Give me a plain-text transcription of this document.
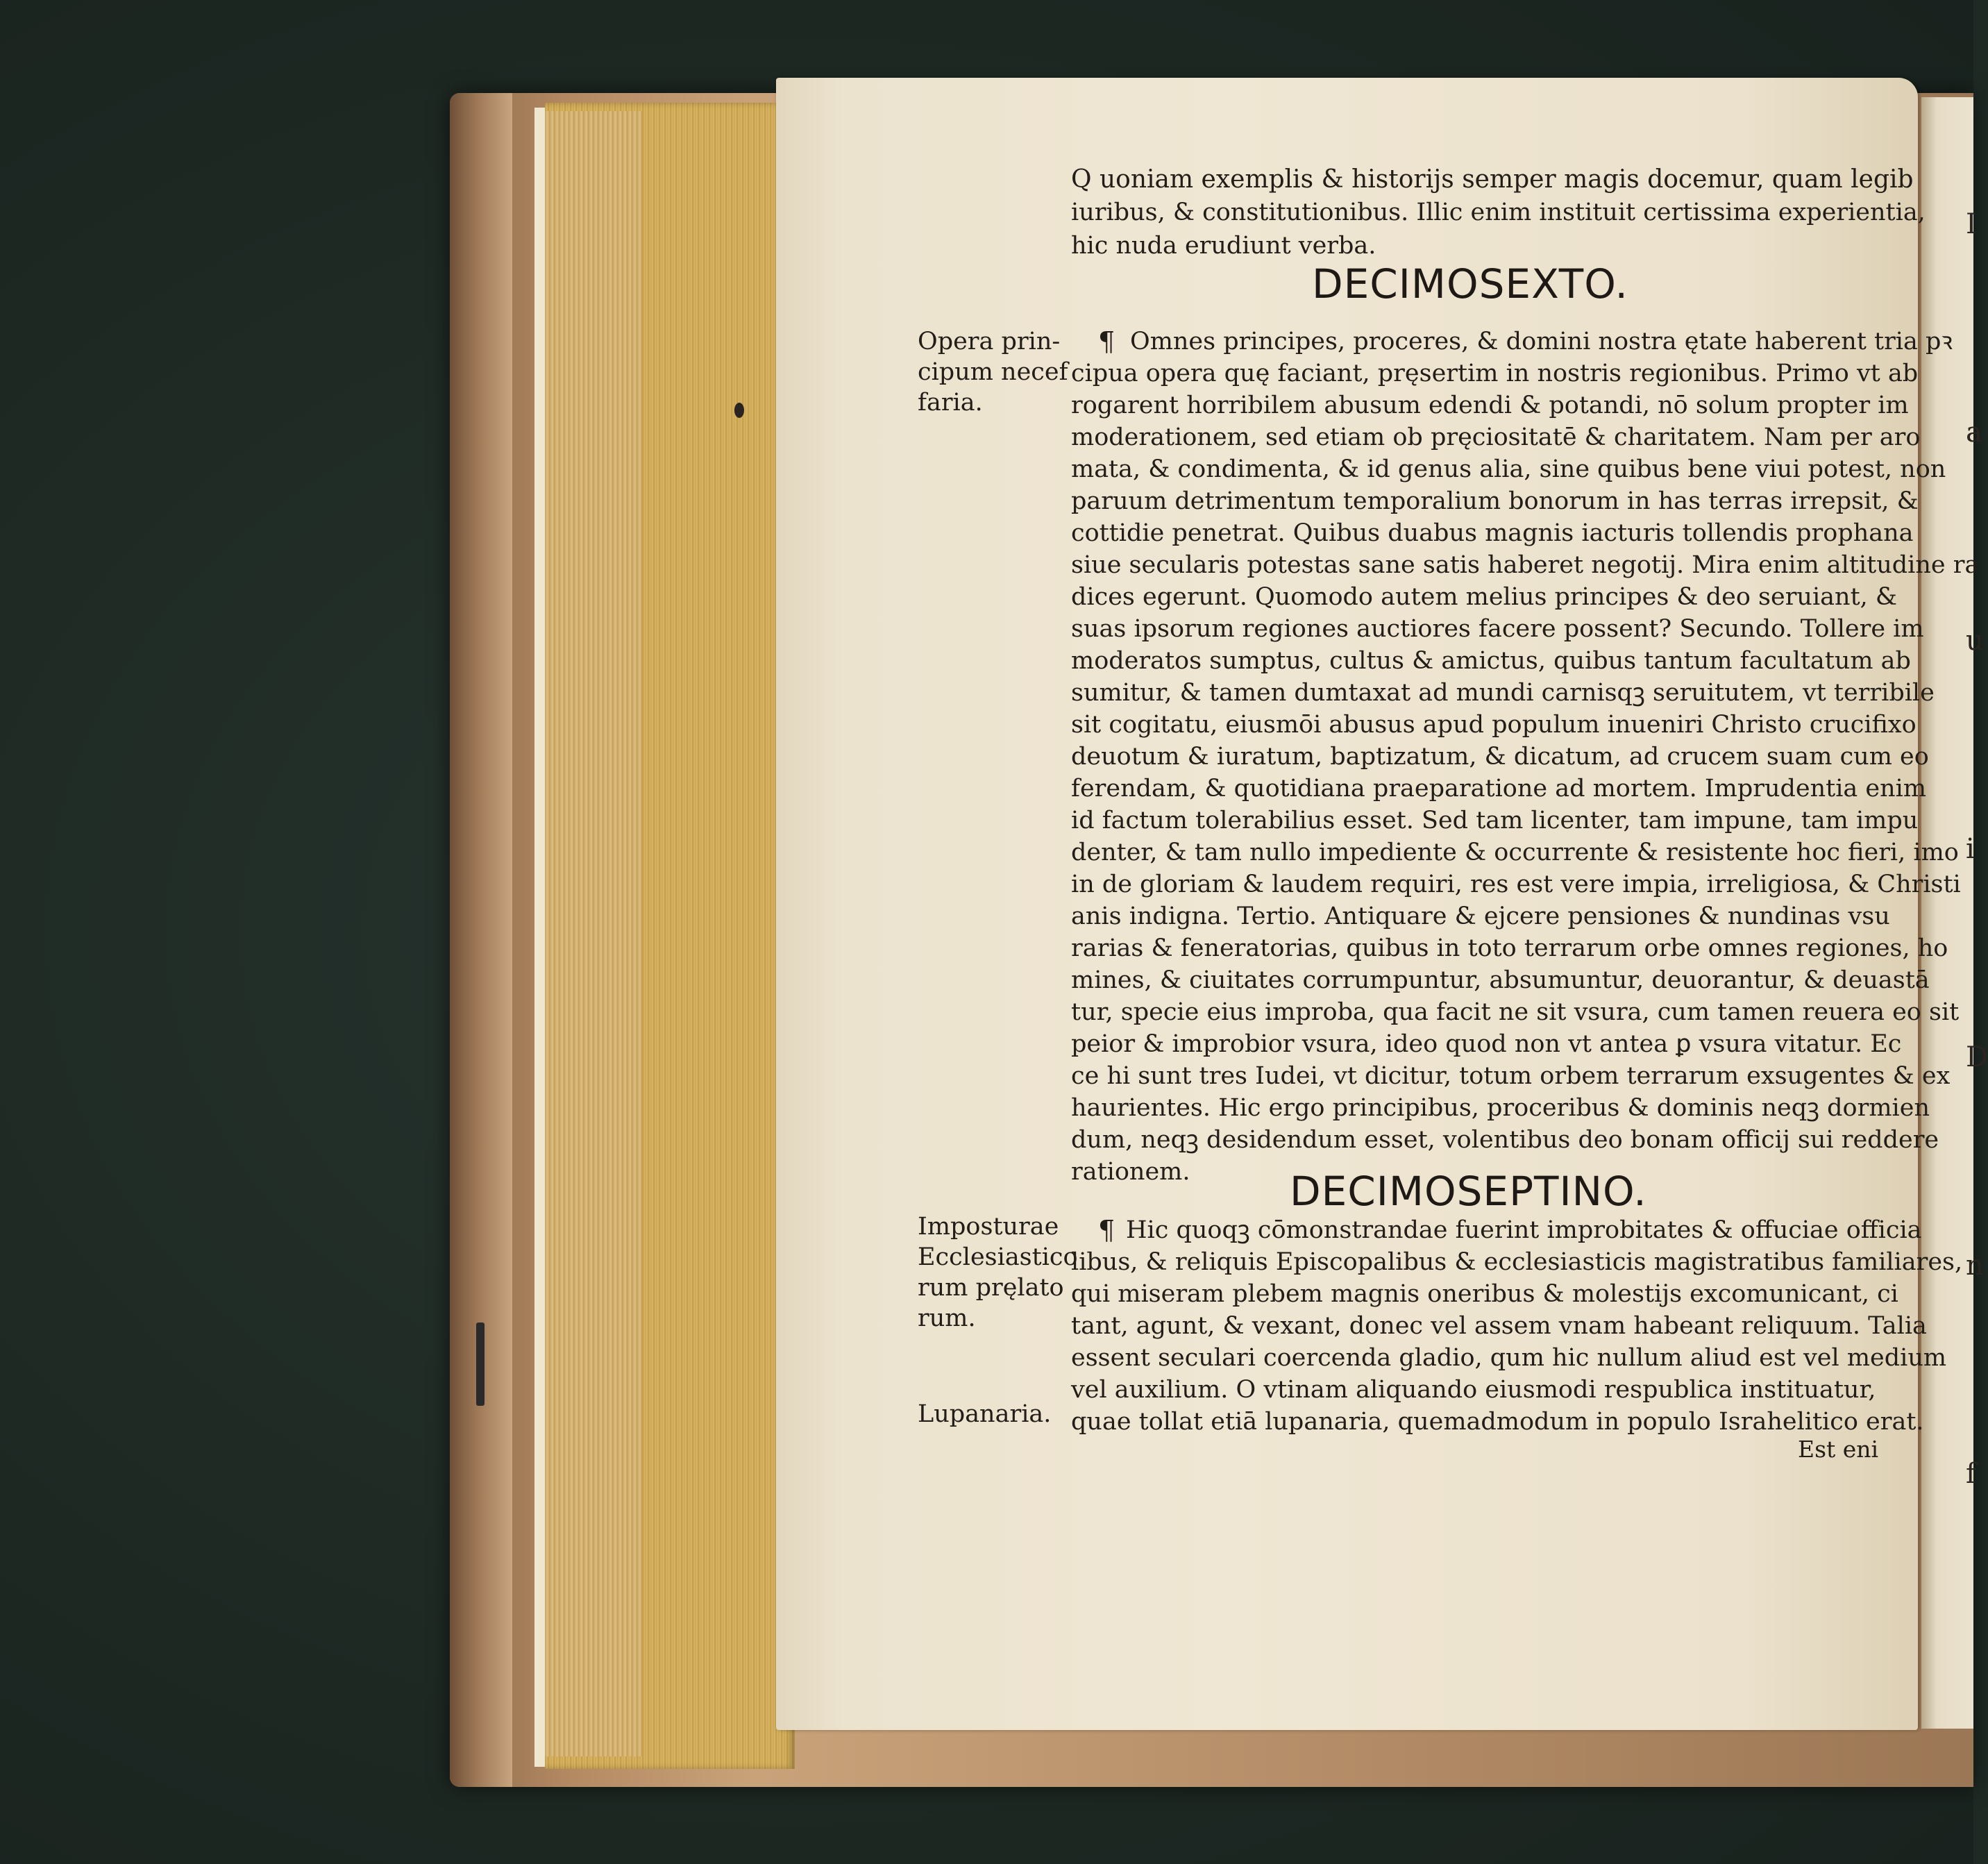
Q uoniam exemplis & historijs semper magis docemur, quam legib
iuribus, & constitutionibus. Illic enim instituit certissima experientia,
hic nuda erudiunt verba.
DECIMOSEXTO.
Opera prin-
cipum necef
faria.
¶ Omnes principes, proceres, & domini nostra ętate haberent tria pꝛ
cipua opera quę faciant, pręsertim in nostris regionibus. Primo vt ab
rogarent horribilem abusum edendi & potandi, nō solum propter im
moderationem, sed etiam ob pręciositatē & charitatem. Nam per aro
mata, & condimenta, & id genus alia, sine quibus bene viui potest, non
paruum detrimentum temporalium bonorum in has terras irrepsit, &
cottidie penetrat. Quibus duabus magnis iacturis tollendis prophana
siue secularis potestas sane satis haberet negotij. Mira enim altitudine ra
dices egerunt. Quomodo autem melius principes & deo seruiant, &
suas ipsorum regiones auctiores facere possent? Secundo. Tollere im
moderatos sumptus, cultus & amictus, quibus tantum facultatum ab
sumitur, & tamen dumtaxat ad mundi carnisqꝫ seruitutem, vt terribile
sit cogitatu, eiusmōi abusus apud populum inueniri Christo crucifixo
deuotum & iuratum, baptizatum, & dicatum, ad crucem suam cum eo
ferendam, & quotidiana praeparatione ad mortem. Imprudentia enim
id factum tolerabilius esset. Sed tam licenter, tam impune, tam impu
denter, & tam nullo impediente & occurrente & resistente hoc fieri, imo
in de gloriam & laudem requiri, res est vere impia, irreligiosa, & Christi
anis indigna. Tertio. Antiquare & ejcere pensiones & nundinas vsu
rarias & feneratorias, quibus in toto terrarum orbe omnes regiones, ho
mines, & ciuitates corrumpuntur, absumuntur, deuorantur, & deuastā
tur, specie eius improba, qua facit ne sit vsura, cum tamen reuera eo sit
peior & improbior vsura, ideo quod non vt antea ꝑ vsura vitatur. Ec
ce hi sunt tres Iudei, vt dicitur, totum orbem terrarum exsugentes & ex
haurientes. Hic ergo principibus, proceribus & dominis neqꝫ dormien
dum, neqꝫ desidendum esset, volentibus deo bonam officij sui reddere
rationem. DECIMOSEPTINO.
Imposturae
Ecclesiastico
rum pręlato
rum.
¶ Hic quoqꝫ cōmonstrandae fuerint improbitates & offuciae officia
libus, & reliquis Episcopalibus & ecclesiasticis magistratibus familiares,
qui miseram plebem magnis oneribus & molestijs excomunicant, ci
tant, agunt, & vexant, donec vel assem vnam habeant reliquum. Talia
essent seculari coercenda gladio, qum hic nullum aliud est vel medium
vel auxilium. O vtinam aliquando eiusmodi respublica instituatur,
quae tollat etiā lupanaria, quemadmodum in populo Israhelitico erat.
Lupanaria.
Est eni
I
a
u
i
D
n
f
